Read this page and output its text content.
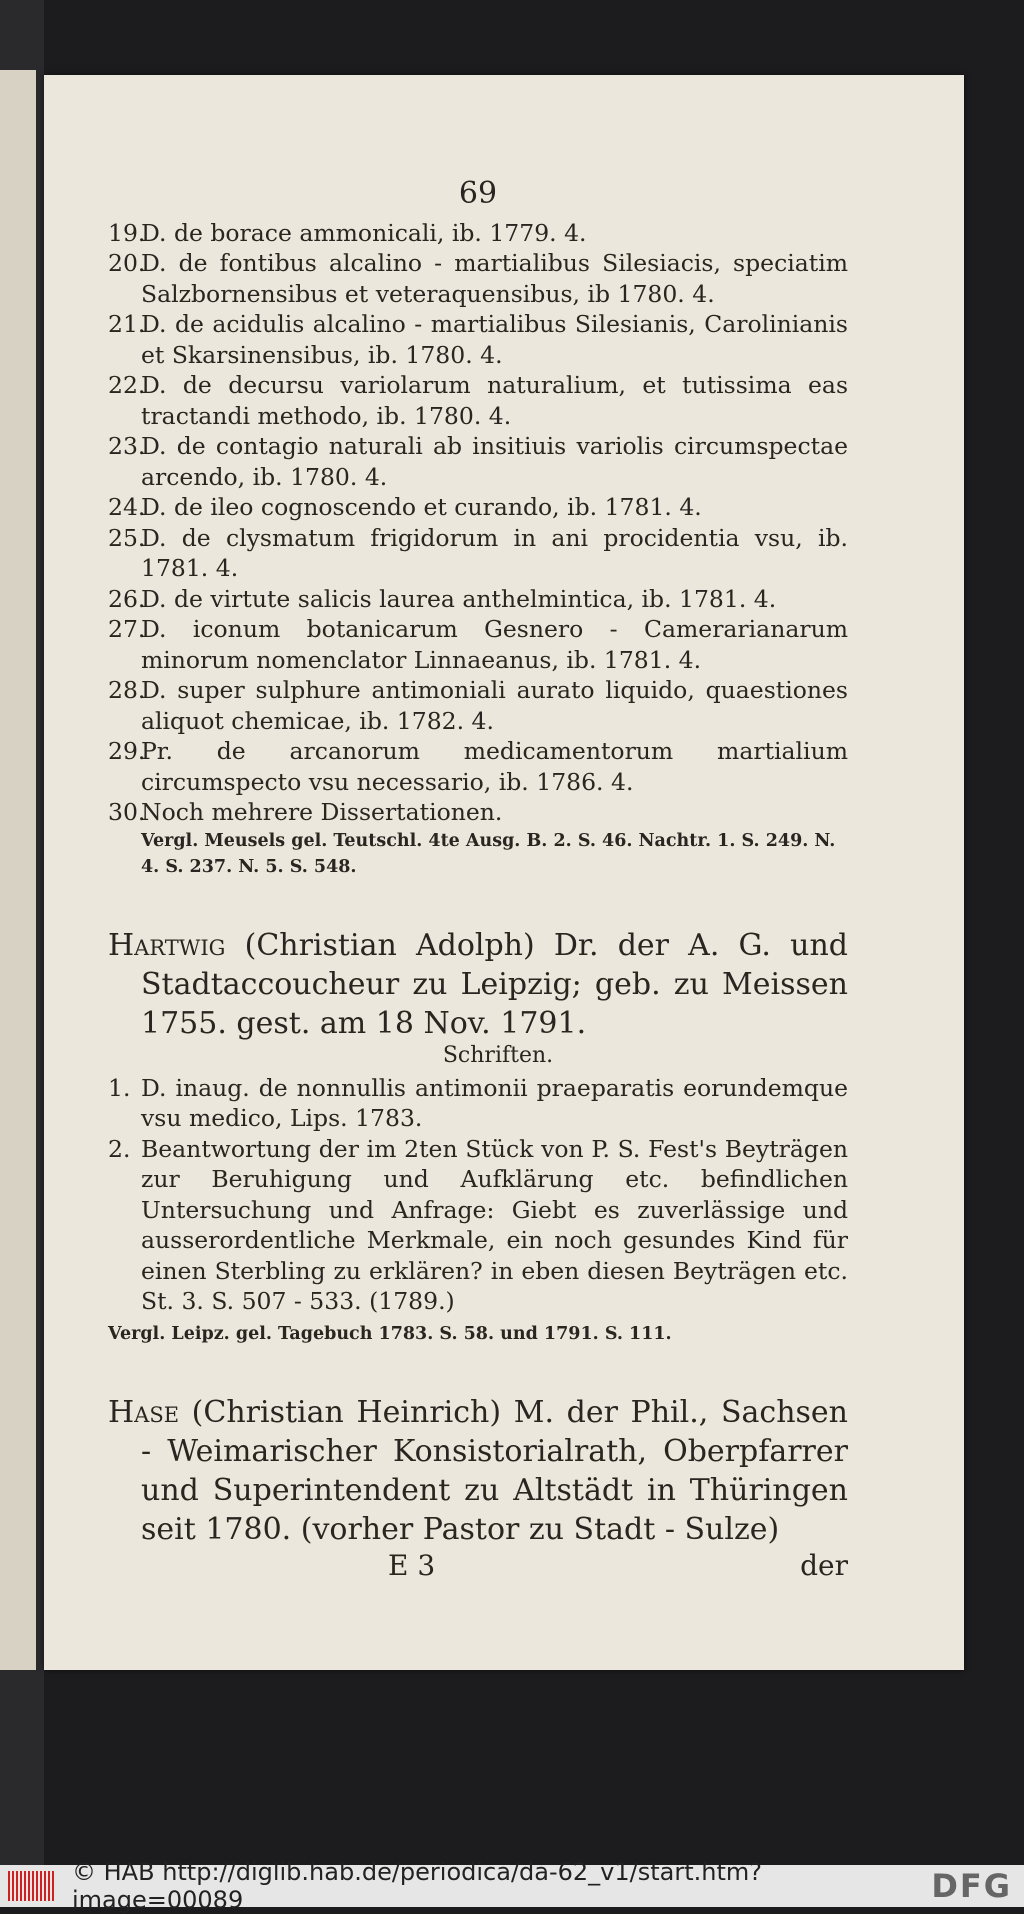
69
19.
D. de borace ammonicali, ib. 1779. 4.
20.
D. de fontibus alcalino - martialibus Silesiacis, speciatim Salzbornensibus et veteraquensibus, ib 1780. 4.
21.
D. de acidulis alcalino - martialibus Silesianis, Carolinianis et Skarsinensibus, ib. 1780. 4.
22.
D. de decursu variolarum naturalium, et tutissima eas tractandi methodo, ib. 1780. 4.
23.
D. de contagio naturali ab insitiuis variolis circumspectae arcendo, ib. 1780. 4.
24.
D. de ileo cognoscendo et curando, ib. 1781. 4.
25.
D. de clysmatum frigidorum in ani procidentia vsu, ib. 1781. 4.
26.
D. de virtute salicis laurea anthelmintica, ib. 1781. 4.
27.
D. iconum botanicarum Gesnero - Camerarianarum minorum nomenclator Linnaeanus, ib. 1781. 4.
28.
D. super sulphure antimoniali aurato liquido, quaestiones aliquot chemicae, ib. 1782. 4.
29.
Pr. de arcanorum medicamentorum martialium circumspecto vsu necessario, ib. 1786. 4.
30.
Noch mehrere Dissertationen.
Vergl. Meusels gel. Teutschl. 4te Ausg. B. 2. S. 46. Nachtr. 1. S. 249. N. 4. S. 237. N. 5. S. 548.
Hartwig (Christian Adolph) Dr. der A. G. und Stadtaccoucheur zu Leipzig; geb. zu Meissen 1755. gest. am 18 Nov. 1791.
Schriften.
1. D. inaug. de nonnullis antimonii praeparatis eorundemque vsu medico, Lips. 1783.
2. Beantwortung der im 2ten Stück von P. S. Fest's Beyträgen zur Beruhigung und Aufklärung etc. befindlichen Untersuchung und Anfrage: Giebt es zuverlässige und ausserordentliche Merkmale, ein noch gesundes Kind für einen Sterbling zu erklären? in eben diesen Beyträgen etc. St. 3. S. 507 - 533. (1789.)
Vergl. Leipz. gel. Tagebuch 1783. S. 58. und 1791. S. 111.
Hase (Christian Heinrich) M. der Phil., Sachsen - Weimarischer Konsistorialrath, Oberpfarrer und Superintendent zu Altstädt in Thüringen seit 1780. (vorher Pastor zu Stadt - Sulze)
E 3	der
© HAB http://diglib.hab.de/periodica/da-62_v1/start.htm?image=00089	DFG
